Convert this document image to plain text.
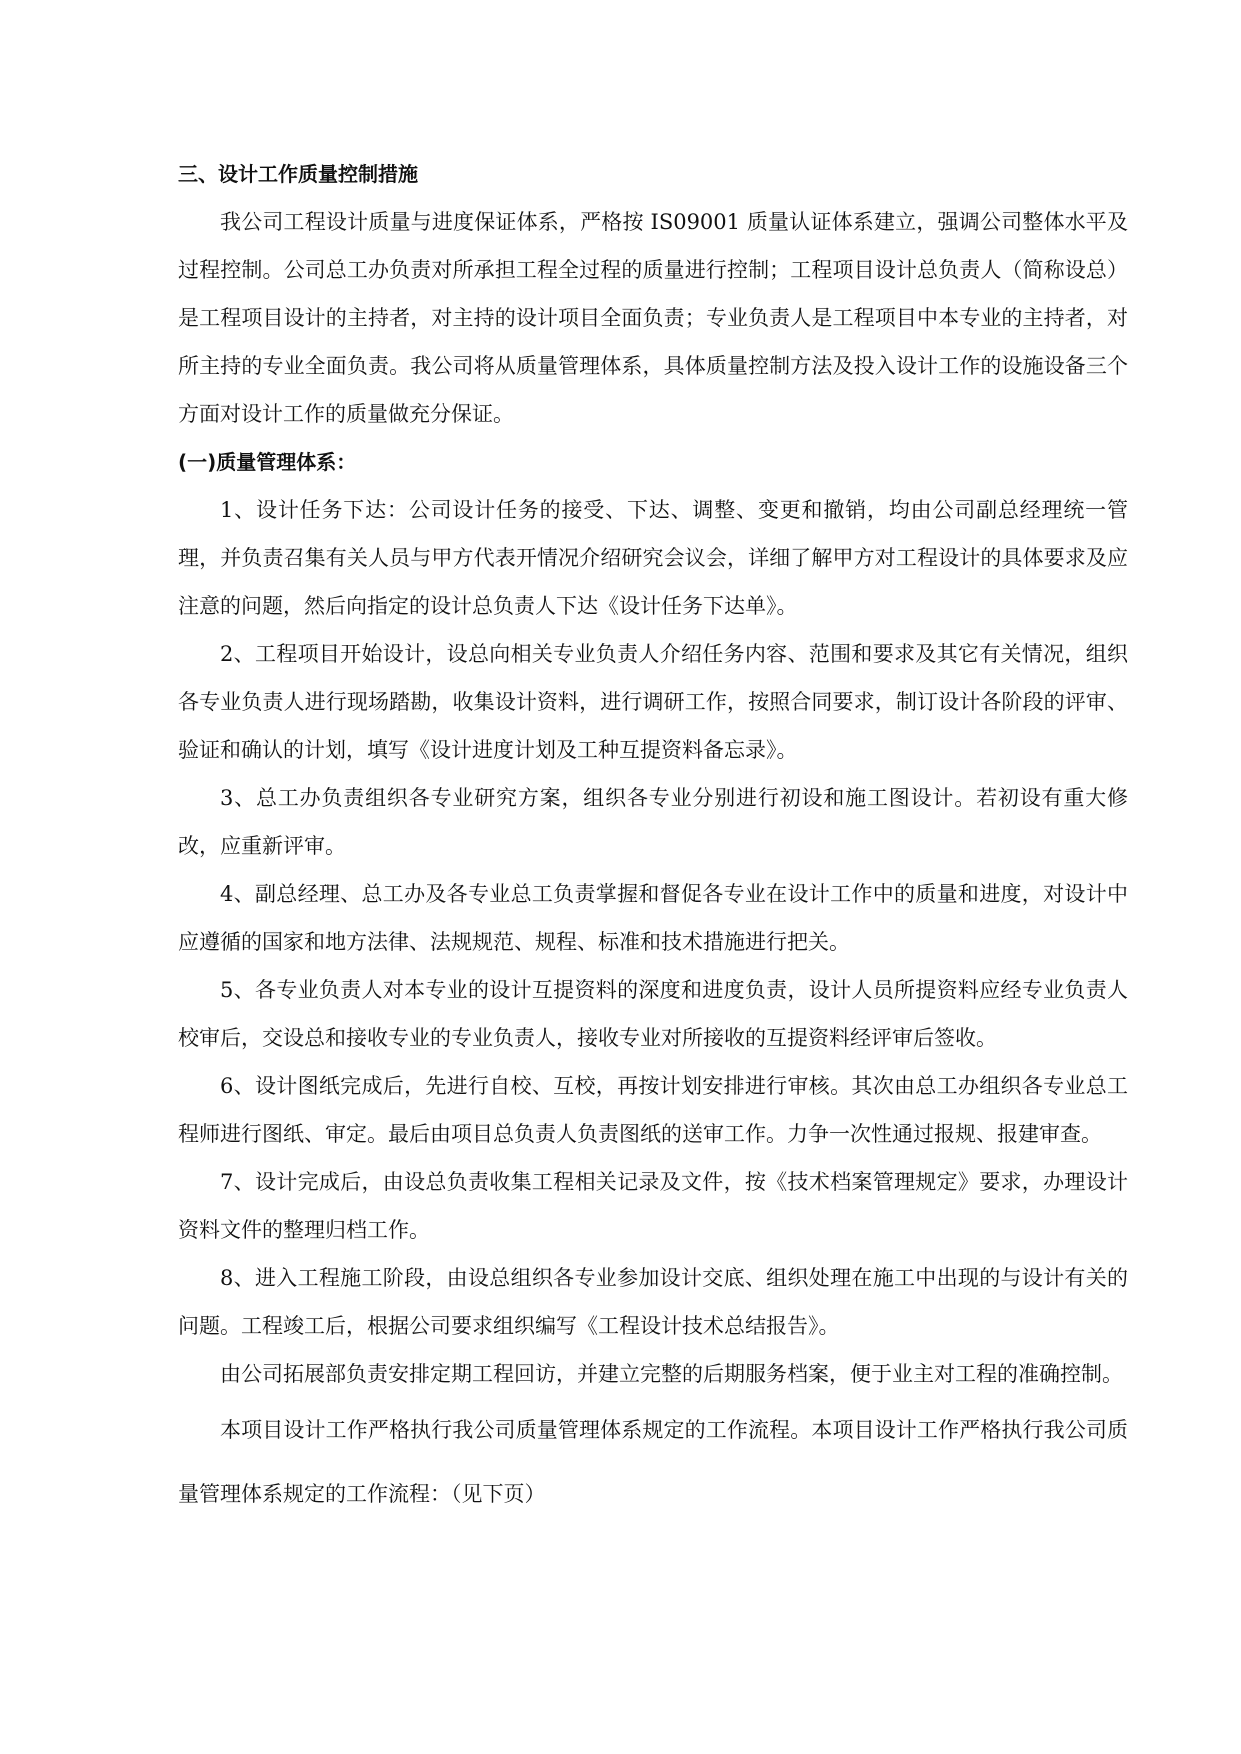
三、设计工作质量控制措施

我公司工程设计质量与进度保证体系，严格按 IS09001 质量认证体系建立，强调公司整体水平及过程控制。公司总工办负责对所承担工程全过程的质量进行控制；工程项目设计总负责人（简称设总）是工程项目设计的主持者，对主持的设计项目全面负责；专业负责人是工程项目中本专业的主持者，对所主持的专业全面负责。我公司将从质量管理体系，具体质量控制方法及投入设计工作的设施设备三个方面对设计工作的质量做充分保证。

(一)质量管理体系：

1、设计任务下达：公司设计任务的接受、下达、调整、变更和撤销，均由公司副总经理统一管理，并负责召集有关人员与甲方代表开情况介绍研究会议会，详细了解甲方对工程设计的具体要求及应注意的问题，然后向指定的设计总负责人下达《设计任务下达单》。

2、工程项目开始设计，设总向相关专业负责人介绍任务内容、范围和要求及其它有关情况，组织各专业负责人进行现场踏勘，收集设计资料，进行调研工作，按照合同要求，制订设计各阶段的评审、验证和确认的计划，填写《设计进度计划及工种互提资料备忘录》。

3、总工办负责组织各专业研究方案，组织各专业分别进行初设和施工图设计。若初设有重大修改，应重新评审。

4、副总经理、总工办及各专业总工负责掌握和督促各专业在设计工作中的质量和进度，对设计中应遵循的国家和地方法律、法规规范、规程、标准和技术措施进行把关。

5、各专业负责人对本专业的设计互提资料的深度和进度负责，设计人员所提资料应经专业负责人校审后，交设总和接收专业的专业负责人，接收专业对所接收的互提资料经评审后签收。

6、设计图纸完成后，先进行自校、互校，再按计划安排进行审核。其次由总工办组织各专业总工程师进行图纸、审定。最后由项目总负责人负责图纸的送审工作。力争一次性通过报规、报建审查。

7、设计完成后，由设总负责收集工程相关记录及文件，按《技术档案管理规定》要求，办理设计资料文件的整理归档工作。

8、进入工程施工阶段，由设总组织各专业参加设计交底、组织处理在施工中出现的与设计有关的问题。工程竣工后，根据公司要求组织编写《工程设计技术总结报告》。

由公司拓展部负责安排定期工程回访，并建立完整的后期服务档案，便于业主对工程的准确控制。

本项目设计工作严格执行我公司质量管理体系规定的工作流程。本项目设计工作严格执行我公司质量管理体系规定的工作流程：（见下页）
